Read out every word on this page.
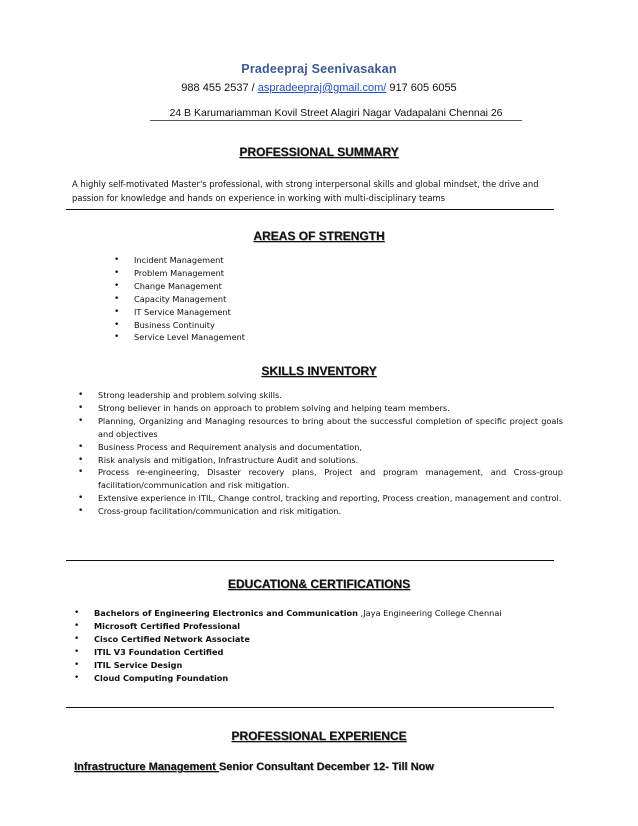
Pradeepraj Seenivasakan
988 455 2537 / aspradeepraj@gmail.com/ 917 605 6055
24 B Karumariamman Kovil Street Alagiri Nagar Vadapalani Chennai 26
PROFESSIONAL SUMMARY
A highly self-motivated Master's professional, with strong interpersonal skills and global mindset, the drive and passion for knowledge and hands on experience in working with multi-disciplinary teams
AREAS OF STRENGTH
• Incident Management
• Problem Management
• Change Management
• Capacity Management
• IT Service Management
• Business Continuity
• Service Level Management
SKILLS INVENTORY
• Strong leadership and problem solving skills.
• Strong believer in hands on approach to problem solving and helping team members.
• Planning, Organizing and Managing resources to bring about the successful completion of specific project goals and objectives
• Business Process and Requirement analysis and documentation,
• Risk analysis and mitigation, Infrastructure Audit and solutions.
• Process re-engineering, Disaster recovery plans, Project and program management, and Cross-group facilitation/communication and risk mitigation.
• Extensive experience in ITIL, Change control, tracking and reporting, Process creation, management and control.
• Cross-group facilitation/communication and risk mitigation.
EDUCATION& CERTIFICATIONS
• Bachelors of Engineering Electronics and Communication ,Jaya Engineering College Chennai
• Microsoft Certified Professional
• Cisco Certified Network Associate
• ITIL V3 Foundation Certified
• ITIL Service Design
• Cloud Computing Foundation
PROFESSIONAL EXPERIENCE
Infrastructure Management Senior Consultant December 12- Till Now
